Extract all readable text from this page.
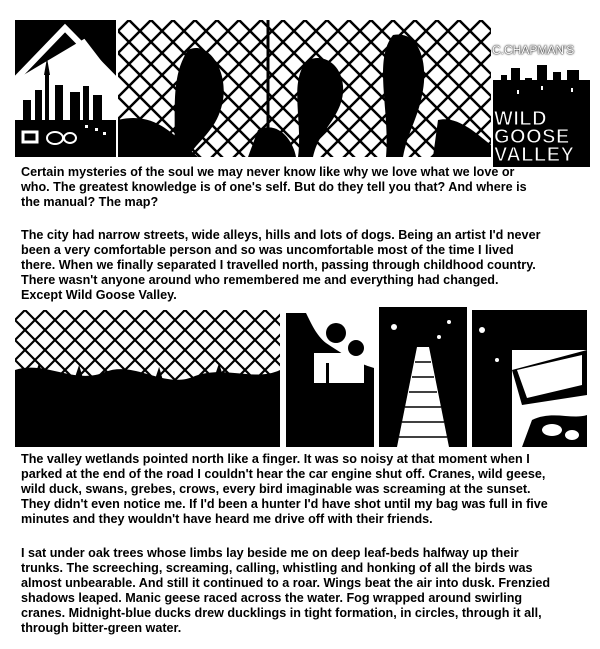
C.CHAPMAN'S
WILD
GOOSE
VALLEY

Certain mysteries of the soul we may never know like why we love what we love or
who. The greatest knowledge is of one's self. But do they tell you that? And where is
the manual? The map?

The city had narrow streets, wide alleys, hills and lots of dogs. Being an artist I'd never
been a very comfortable person and so was uncomfortable most of the time I lived
there. When we finally separated I travelled north, passing through childhood country.
There wasn't anyone around who remembered me and everything had changed.
Except Wild Goose Valley.

The valley wetlands pointed north like a finger. It was so noisy at that moment when I
parked at the end of the road I couldn't hear the car engine shut off. Cranes, wild geese,
wild duck, swans, grebes, crows, every bird imaginable was screaming at the sunset.
They didn't even notice me. If I'd been a hunter I'd have shot until my bag was full in five
minutes and they wouldn't have heard me drive off with their friends.

I sat under oak trees whose limbs lay beside me on deep leaf-beds halfway up their
trunks. The screeching, screaming, calling, whistling and honking of all the birds was
almost unbearable. And still it continued to a roar. Wings beat the air into dusk. Frenzied
shadows leaped. Manic geese raced across the water. Fog wrapped around swirling
cranes. Midnight-blue ducks drew ducklings in tight formation, in circles, through it all,
through bitter-green water.
